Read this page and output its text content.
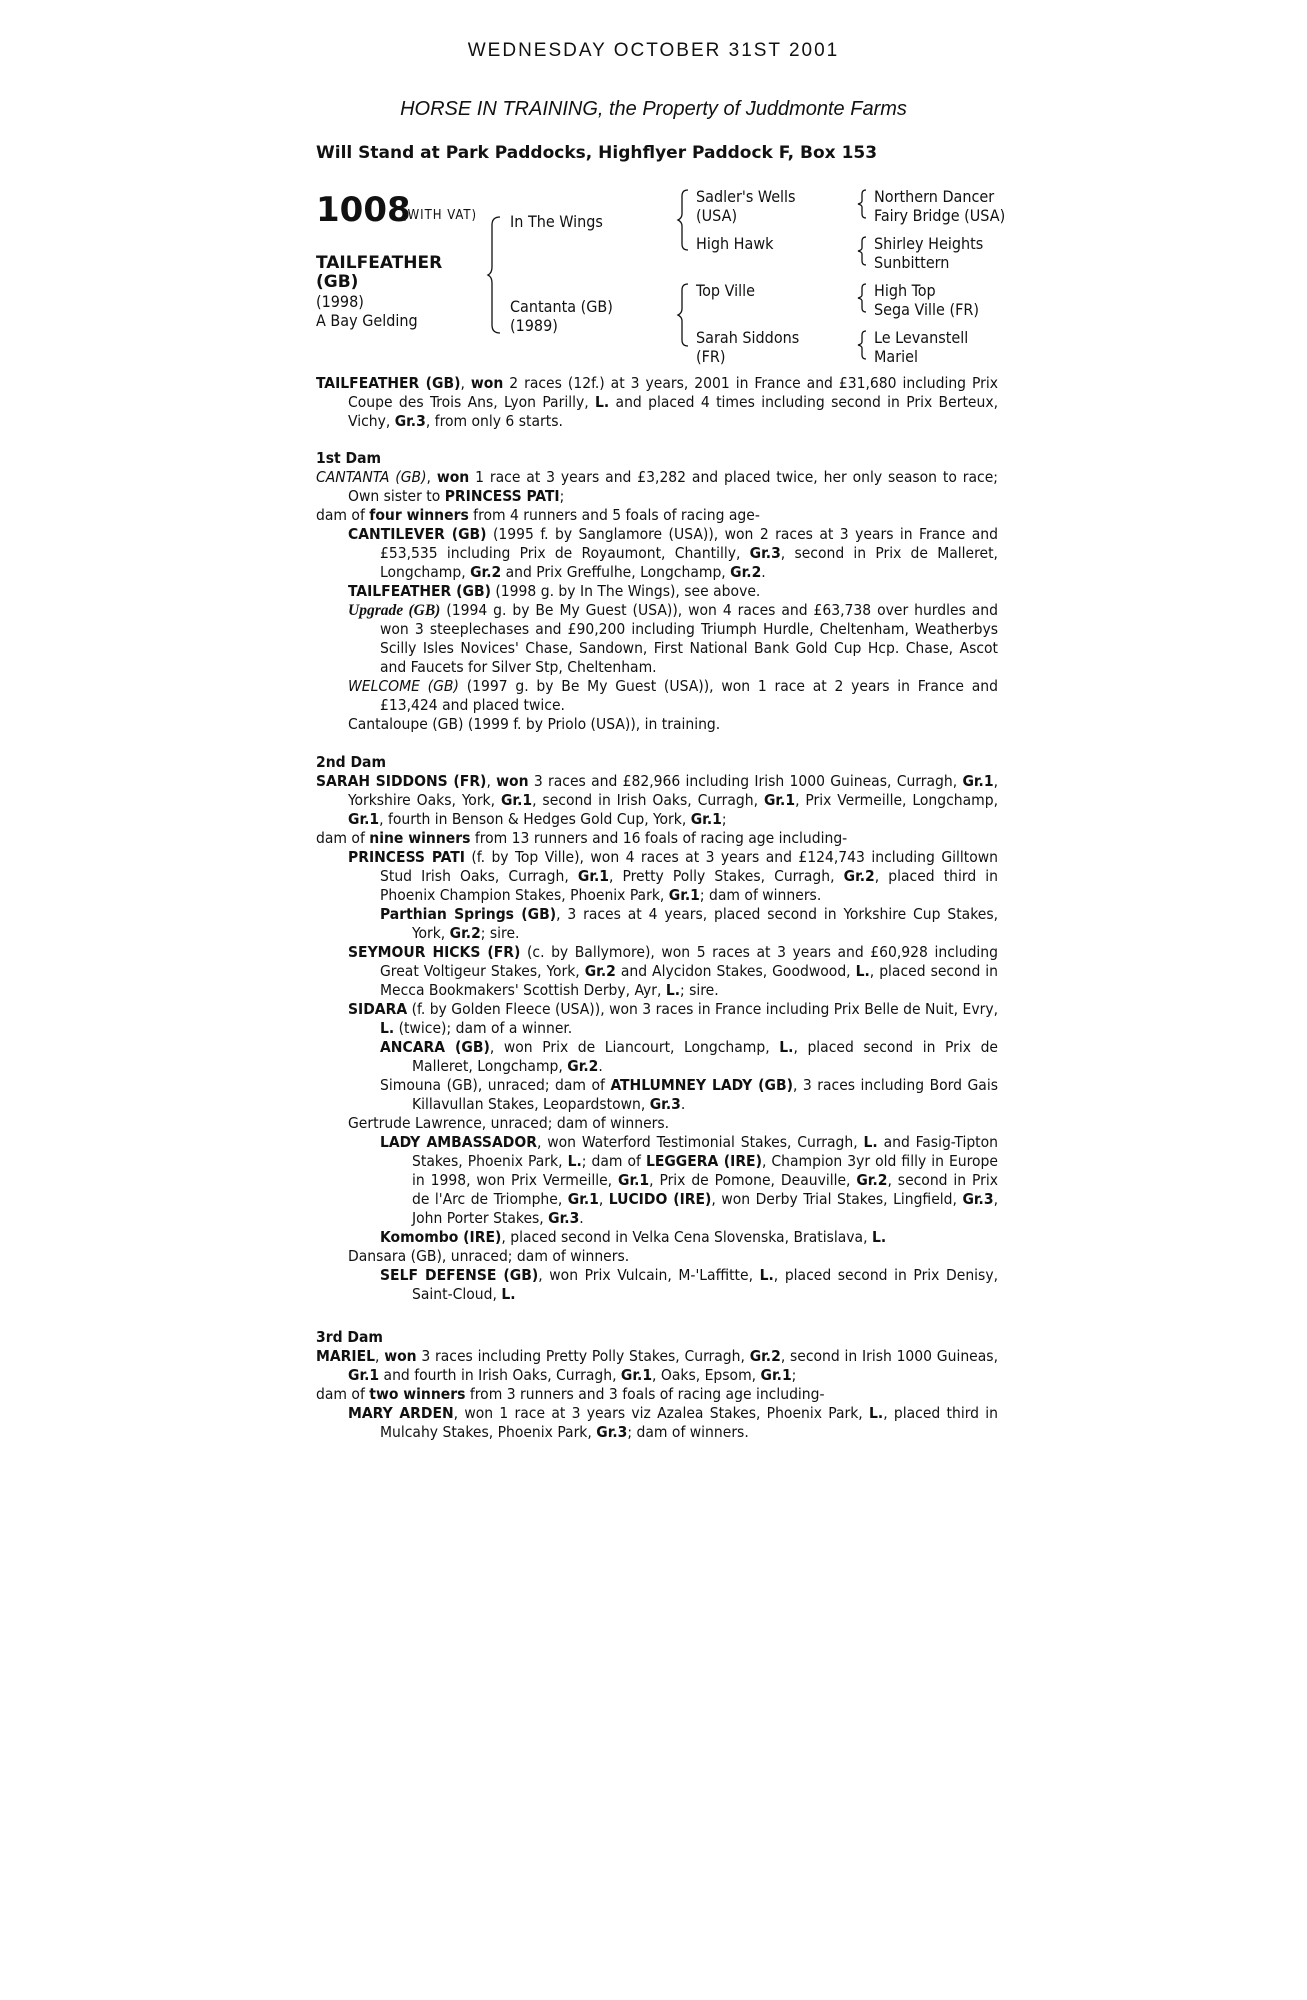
WEDNESDAY OCTOBER 31ST 2001
HORSE IN TRAINING, the Property of Juddmonte Farms
Will Stand at Park Paddocks, Highflyer Paddock F, Box 153
1008
(WITH VAT)
TAILFEATHER
(GB)
(1998)
A Bay Gelding
In The Wings
Cantanta (GB)
(1989)
Sadler's Wells
(USA)
High Hawk
Top Ville
Sarah Siddons
(FR)
Northern Dancer
Fairy Bridge (USA)
Shirley Heights
Sunbittern
High Top
Sega Ville (FR)
Le Levanstell
Mariel

TAILFEATHER (GB), won 2 races (12f.) at 3 years, 2001 in France and £31,680 including Prix Coupe des Trois Ans, Lyon Parilly, L. and placed 4 times including second in Prix Berteux, Vichy, Gr.3, from only 6 starts.

1st Dam

CANTANTA (GB), won 1 race at 3 years and £3,282 and placed twice, her only season to race; Own sister to PRINCESS PATI;

dam of four winners from 4 runners and 5 foals of racing age-

CANTILEVER (GB) (1995 f. by Sanglamore (USA)), won 2 races at 3 years in France and £53,535 including Prix de Royaumont, Chantilly, Gr.3, second in Prix de Malleret, Longchamp, Gr.2 and Prix Greffulhe, Longchamp, Gr.2.

TAILFEATHER (GB) (1998 g. by In The Wings), see above.

Upgrade (GB) (1994 g. by Be My Guest (USA)), won 4 races and £63,738 over hurdles and won 3 steeplechases and £90,200 including Triumph Hurdle, Cheltenham, Weatherbys Scilly Isles Novices' Chase, Sandown, First National Bank Gold Cup Hcp. Chase, Ascot and Faucets for Silver Stp, Cheltenham.

WELCOME (GB) (1997 g. by Be My Guest (USA)), won 1 race at 2 years in France and £13,424 and placed twice.

Cantaloupe (GB) (1999 f. by Priolo (USA)), in training.

2nd Dam

SARAH SIDDONS (FR), won 3 races and £82,966 including Irish 1000 Guineas, Curragh, Gr.1, Yorkshire Oaks, York, Gr.1, second in Irish Oaks, Curragh, Gr.1, Prix Vermeille, Longchamp, Gr.1, fourth in Benson & Hedges Gold Cup, York, Gr.1;

dam of nine winners from 13 runners and 16 foals of racing age including-

PRINCESS PATI (f. by Top Ville), won 4 races at 3 years and £124,743 including Gilltown Stud Irish Oaks, Curragh, Gr.1, Pretty Polly Stakes, Curragh, Gr.2, placed third in Phoenix Champion Stakes, Phoenix Park, Gr.1; dam of winners.

Parthian Springs (GB), 3 races at 4 years, placed second in Yorkshire Cup Stakes, York, Gr.2; sire.

SEYMOUR HICKS (FR) (c. by Ballymore), won 5 races at 3 years and £60,928 including Great Voltigeur Stakes, York, Gr.2 and Alycidon Stakes, Goodwood, L., placed second in Mecca Bookmakers' Scottish Derby, Ayr, L.; sire.

SIDARA (f. by Golden Fleece (USA)), won 3 races in France including Prix Belle de Nuit, Evry, L. (twice); dam of a winner.

ANCARA (GB), won Prix de Liancourt, Longchamp, L., placed second in Prix de Malleret, Longchamp, Gr.2.

Simouna (GB), unraced; dam of ATHLUMNEY LADY (GB), 3 races including Bord Gais Killavullan Stakes, Leopardstown, Gr.3.

Gertrude Lawrence, unraced; dam of winners.

LADY AMBASSADOR, won Waterford Testimonial Stakes, Curragh, L. and Fasig-Tipton Stakes, Phoenix Park, L.; dam of LEGGERA (IRE), Champion 3yr old filly in Europe in 1998, won Prix Vermeille, Gr.1, Prix de Pomone, Deauville, Gr.2, second in Prix de l'Arc de Triomphe, Gr.1, LUCIDO (IRE), won Derby Trial Stakes, Lingfield, Gr.3, John Porter Stakes, Gr.3.

Komombo (IRE), placed second in Velka Cena Slovenska, Bratislava, L.

Dansara (GB), unraced; dam of winners.

SELF DEFENSE (GB), won Prix Vulcain, M-'Laffitte, L., placed second in Prix Denisy, Saint-Cloud, L.

3rd Dam

MARIEL, won 3 races including Pretty Polly Stakes, Curragh, Gr.2, second in Irish 1000 Guineas, Gr.1 and fourth in Irish Oaks, Curragh, Gr.1, Oaks, Epsom, Gr.1;

dam of two winners from 3 runners and 3 foals of racing age including-

MARY ARDEN, won 1 race at 3 years viz Azalea Stakes, Phoenix Park, L., placed third in Mulcahy Stakes, Phoenix Park, Gr.3; dam of winners.
